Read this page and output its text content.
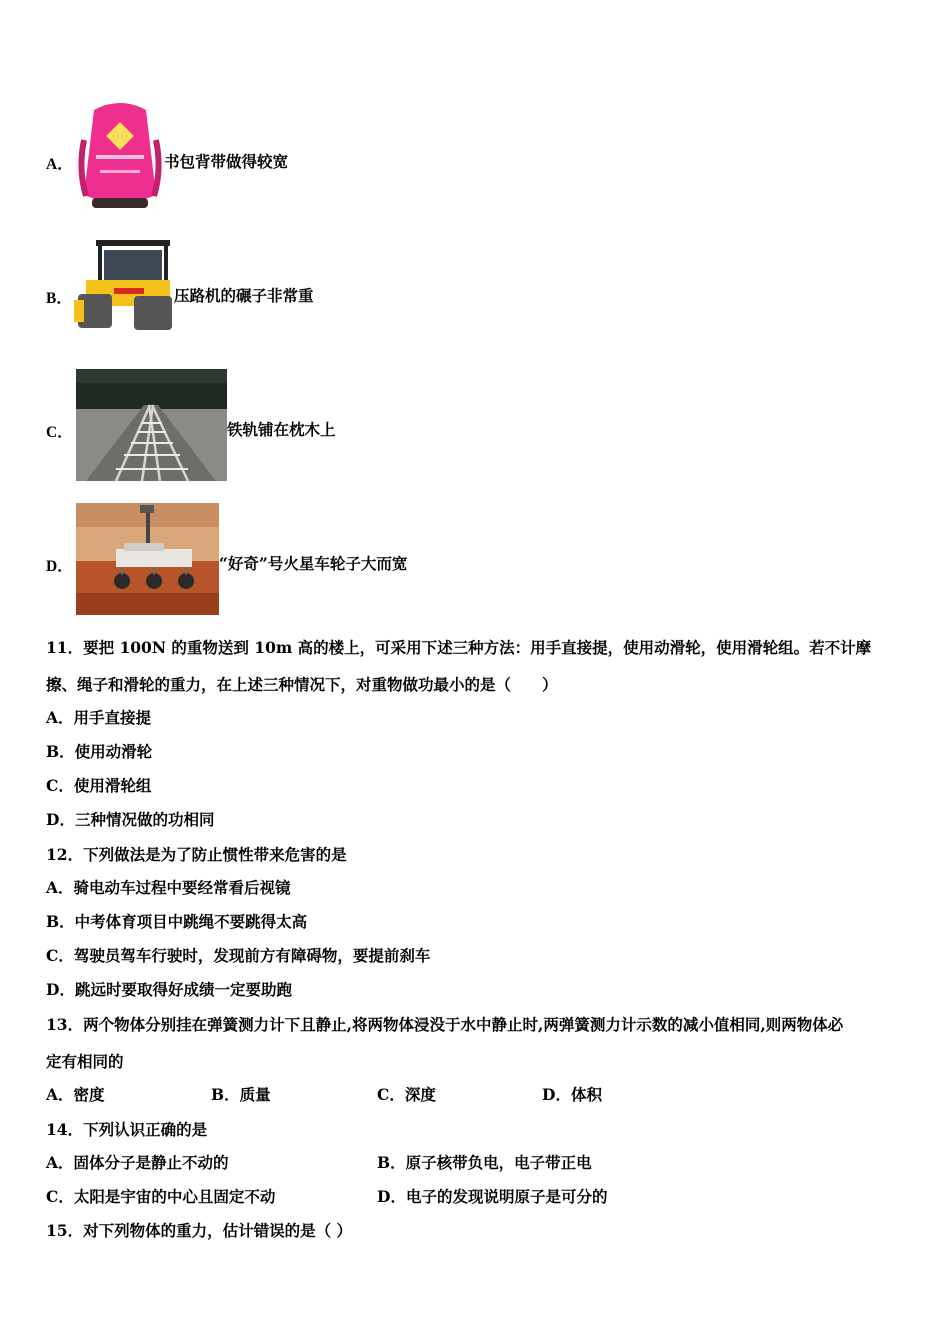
A．	书包背带做得较宽
B．	压路机的碾子非常重
C．	铁轨铺在枕木上
D．	“好奇”号火星车轮子大而宽
11．要把 100N 的重物送到 10m 高的楼上，可采用下述三种方法：用手直接提，使用动滑轮，使用滑轮组。若不计摩
擦、绳子和滑轮的重力，在上述三种情况下，对重物做功最小的是（　　）
A．用手直接提
B．使用动滑轮
C．使用滑轮组
D．三种情况做的功相同
12．下列做法是为了防止惯性带来危害的是
A．骑电动车过程中要经常看后视镜
B．中考体育项目中跳绳不要跳得太高
C．驾驶员驾车行驶时，发现前方有障碍物，要提前刹车
D．跳远时要取得好成绩一定要助跑
13．两个物体分别挂在弹簧测力计下且静止,将两物体浸没于水中静止时,两弹簧测力计示数的减小值相同,则两物体必
定有相同的
A．密度	B．质量	C．深度	D．体积
14．下列认识正确的是
A．固体分子是静止不动的	B．原子核带负电，电子带正电
C．太阳是宇宙的中心且固定不动	D．电子的发现说明原子是可分的
15．对下列物体的重力，估计错误的是（ ）
